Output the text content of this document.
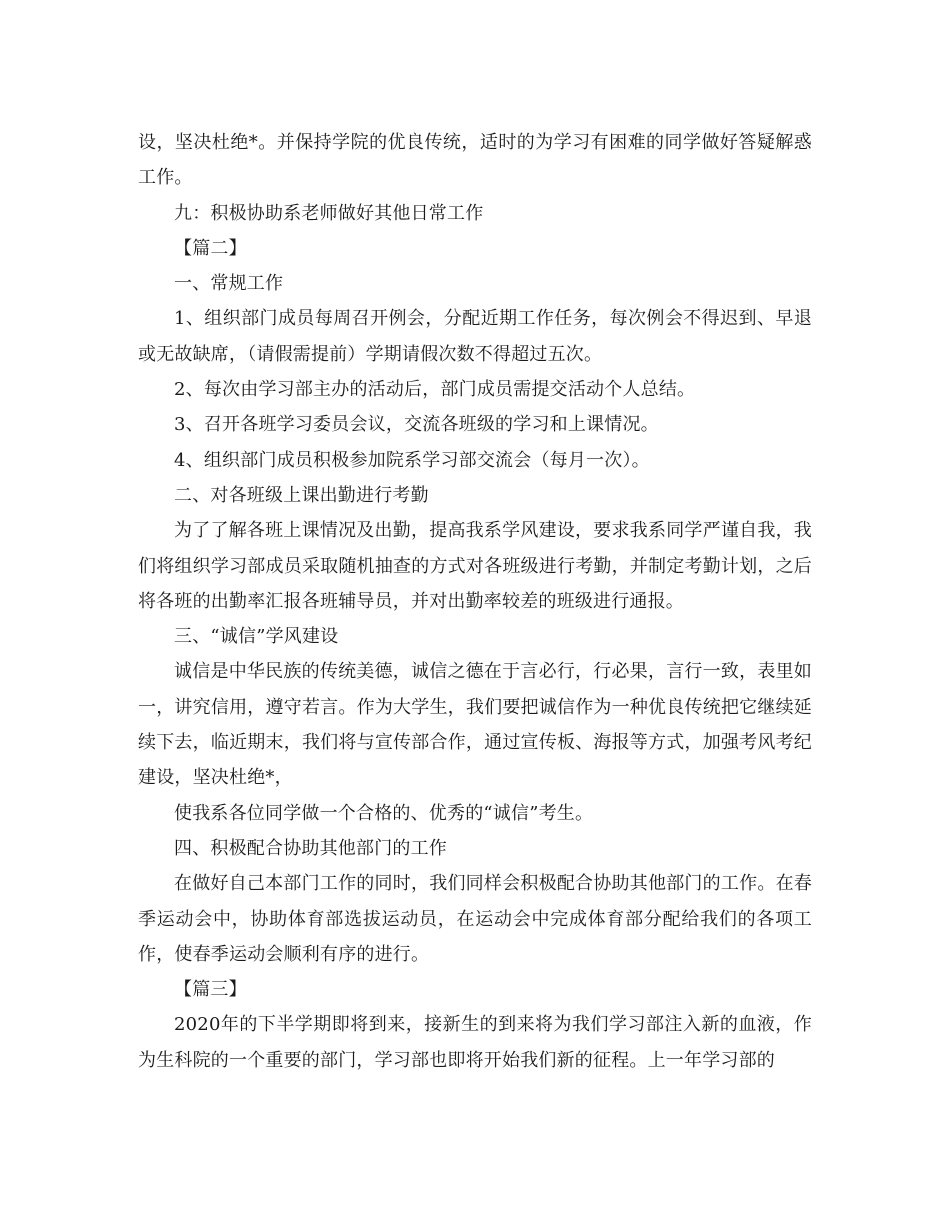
设，坚决杜绝*。并保持学院的优良传统，适时的为学习有困难的同学做好答疑解惑工作。

九：积极协助系老师做好其他日常工作

【篇二】

一、常规工作

1、组织部门成员每周召开例会，分配近期工作任务，每次例会不得迟到、早退或无故缺席，（请假需提前）学期请假次数不得超过五次。

2、每次由学习部主办的活动后，部门成员需提交活动个人总结。

3、召开各班学习委员会议，交流各班级的学习和上课情况。

4、组织部门成员积极参加院系学习部交流会（每月一次）。

二、对各班级上课出勤进行考勤

为了了解各班上课情况及出勤，提高我系学风建设，要求我系同学严谨自我，我们将组织学习部成员采取随机抽查的方式对各班级进行考勤，并制定考勤计划，之后将各班的出勤率汇报各班辅导员，并对出勤率较差的班级进行通报。

三、“诚信”学风建设

诚信是中华民族的传统美德，诚信之德在于言必行，行必果，言行一致，表里如一，讲究信用，遵守若言。作为大学生，我们要把诚信作为一种优良传统把它继续延续下去，临近期末，我们将与宣传部合作，通过宣传板、海报等方式，加强考风考纪建设，坚决杜绝*，

使我系各位同学做一个合格的、优秀的“诚信”考生。

四、积极配合协助其他部门的工作

在做好自己本部门工作的同时，我们同样会积极配合协助其他部门的工作。在春季运动会中，协助体育部选拔运动员，在运动会中完成体育部分配给我们的各项工作，使春季运动会顺利有序的进行。

【篇三】

2020年的下半学期即将到来，接新生的到来将为我们学习部注入新的血液，作为生科院的一个重要的部门，学习部也即将开始我们新的征程。上一年学习部的
